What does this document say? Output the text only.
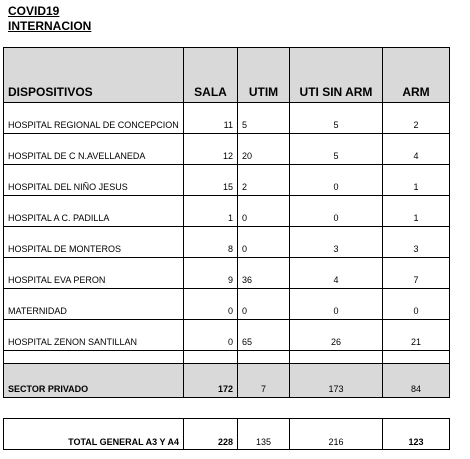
COVID19
INTERNACION
DISPOSITIVOS	SALA	UTIM	UTI SIN ARM	ARM
HOSPITAL REGIONAL DE CONCEPCION	11	5	5	2
HOSPITAL DE C N.AVELLANEDA	12	20	5	4
HOSPITAL DEL NIÑO JESUS	15	2	0	1
HOSPITAL A C. PADILLA	1	0	0	1
HOSPITAL DE MONTEROS	8	0	3	3
HOSPITAL EVA PERON	9	36	4	7
MATERNIDAD	0	0	0	0
HOSPITAL ZENON SANTILLAN	0	65	26	21

SECTOR PRIVADO	172	7	173	84
TOTAL GENERAL A3 Y A4	228	135	216	123
